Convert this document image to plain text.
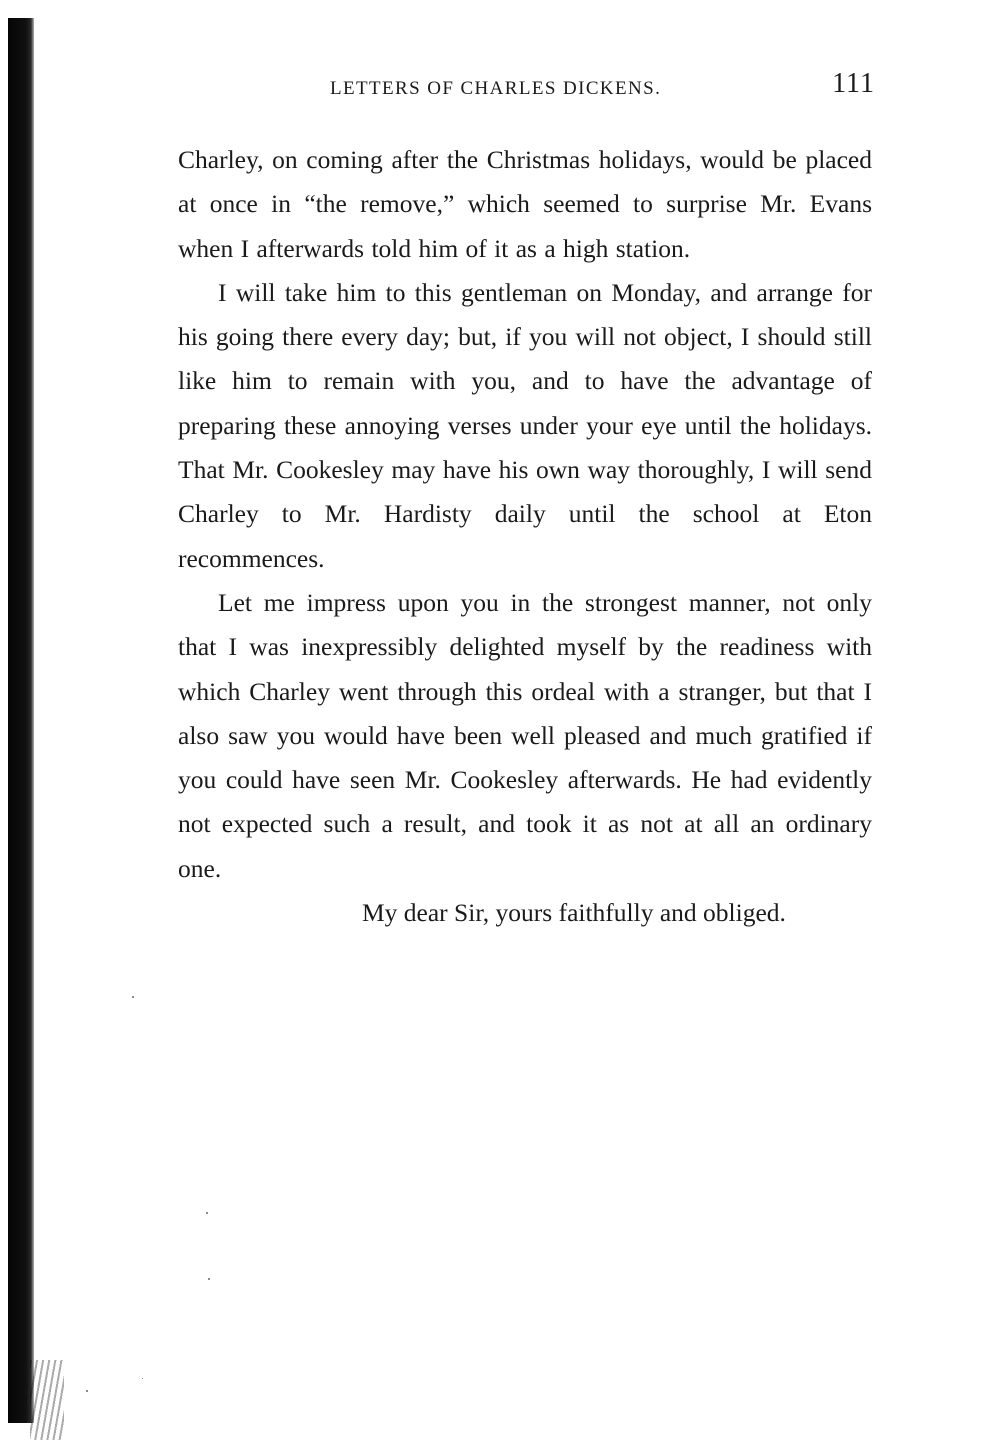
LETTERS OF CHARLES DICKENS.	111

Charley, on coming after the Christmas holidays, would be placed at once in “the remove,” which seemed to surprise Mr. Evans when I afterwards told him of it as a high station.

I will take him to this gentleman on Monday, and arrange for his going there every day; but, if you will not object, I should still like him to remain with you, and to have the advantage of preparing these annoying verses under your eye until the holidays. That Mr. Cookesley may have his own way thoroughly, I will send Charley to Mr. Hardisty daily until the school at Eton recommences.

Let me impress upon you in the strongest manner, not only that I was inexpressibly delighted myself by the readiness with which Charley went through this ordeal with a stranger, but that I also saw you would have been well pleased and much gratified if you could have seen Mr. Cookesley afterwards. He had evidently not expected such a result, and took it as not at all an ordinary one.

My dear Sir, yours faithfully and obliged.
